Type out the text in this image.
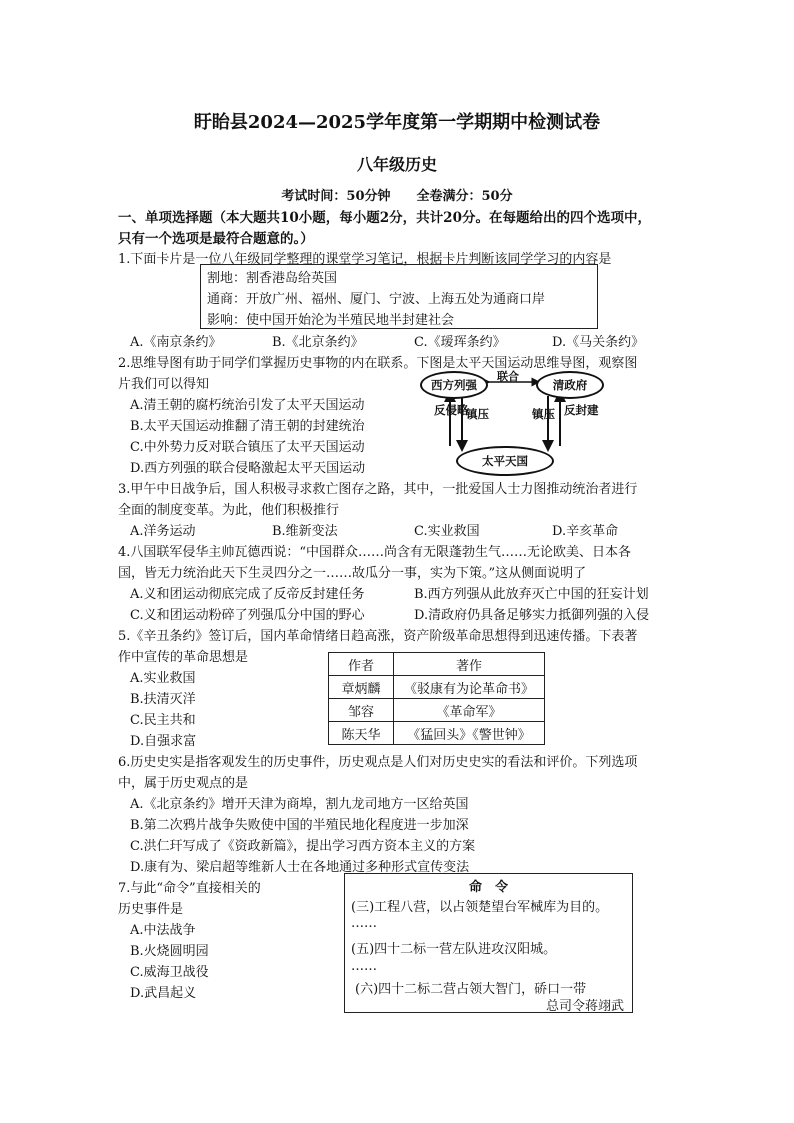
盱眙县2024—2025学年度第一学期期中检测试卷
八年级历史
考试时间：50分钟　　全卷满分：50分
一、单项选择题（本大题共10小题，每小题2分，共计20分。在每题给出的四个选项中，
只有一个选项是最符合题意的。）
1.下面卡片是一位八年级同学整理的课堂学习笔记，根据卡片判断该同学学习的内容是
割地：割香港岛给英国
通商：开放广州、福州、厦门、宁波、上海五处为通商口岸
影响：使中国开始沦为半殖民地半封建社会
A.《南京条约》	B.《北京条约》	C.《瑷珲条约》	D.《马关条约》
2.思维导图有助于同学们掌握历史事物的内在联系。下图是太平天国运动思维导图，观察图
片我们可以得知
A.清王朝的腐朽统治引发了太平天国运动
B.太平天国运动推翻了清王朝的封建统治
C.中外势力反对联合镇压了太平天国运动
D.西方列强的联合侵略激起太平天国运动
西方列强	清政府
太平天国
联合
反侵略
镇压	镇压 反封建
3.甲午中日战争后，国人积极寻求救亡图存之路，其中，一批爱国人士力图推动统治者进行
全面的制度变革。为此，他们积极推行
A.洋务运动	B.维新变法	C.实业救国	D.辛亥革命
4.八国联军侵华主帅瓦德西说：“中国群众……尚含有无限蓬勃生气……无论欧美、日本各
国，皆无力统治此天下生灵四分之一……故瓜分一事，实为下策。”这从侧面说明了
A.义和团运动彻底完成了反帝反封建任务	B.西方列强从此放弃灭亡中国的狂妄计划
C.义和团运动粉碎了列强瓜分中国的野心	D.清政府仍具备足够实力抵御列强的入侵
5.《辛丑条约》签订后，国内革命情绪日趋高涨，资产阶级革命思想得到迅速传播。下表著
作中宣传的革命思想是
A.实业救国
B.扶清灭洋
C.民主共和
D.自强求富
作者	著作
章炳麟	《驳康有为论革命书》
邹容	《革命军》
陈天华	《猛回头》《警世钟》
6.历史史实是指客观发生的历史事件，历史观点是人们对历史史实的看法和评价。下列选项
中，属于历史观点的是
A.《北京条约》增开天津为商埠，割九龙司地方一区给英国
B.第二次鸦片战争失败使中国的半殖民地化程度进一步加深
C.洪仁玕写成了《资政新篇》，提出学习西方资本主义的方案
D.康有为、梁启超等维新人士在各地通过多种形式宣传变法
7.与此“命令”直接相关的
历史事件是
A.中法战争
B.火烧圆明园
C.威海卫战役
D.武昌起义
命　令
(三)工程八营，以占领楚望台军械库为目的。
……
(五)四十二标一营左队进攻汉阳城。
……
(六)四十二标二营占领大智门，硚口一带
总司令蒋翊武
